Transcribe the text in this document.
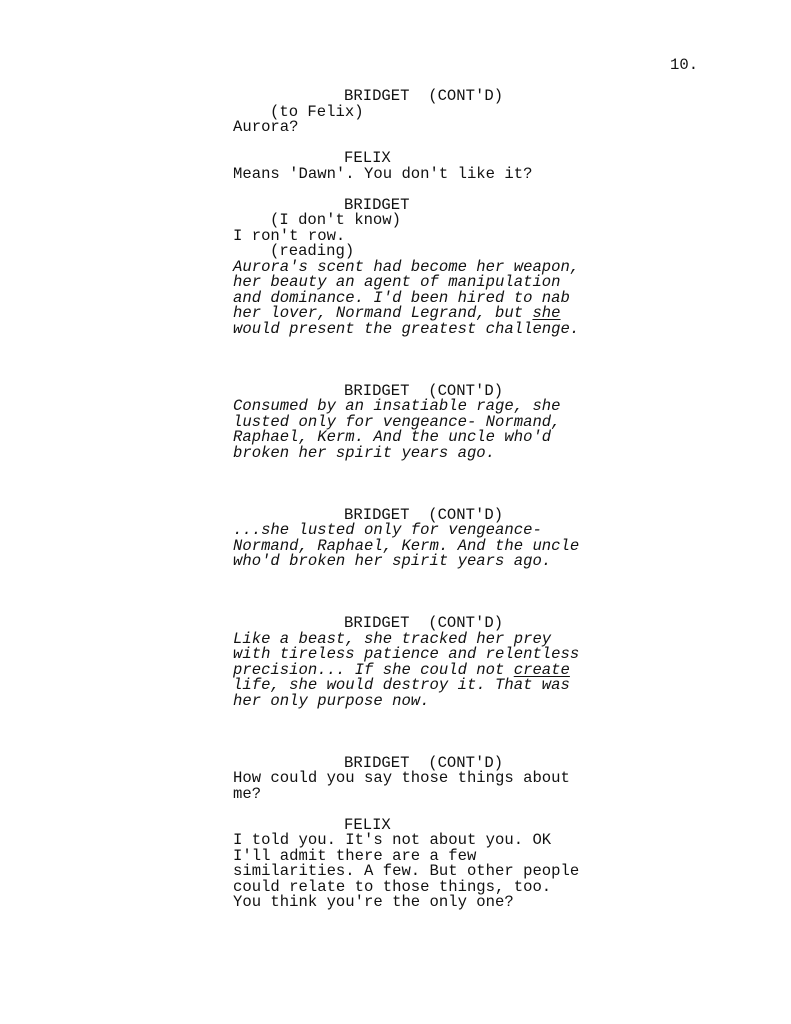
10.
BRIDGET  (CONT'D)
(to Felix)
Aurora?
FELIX
Means 'Dawn'. You don't like it?
BRIDGET
(I don't know)
I ron't row.
(reading)
Aurora's scent had become her weapon,
her beauty an agent of manipulation
and dominance. I'd been hired to nab
her lover, Normand Legrand, but she
would present the greatest challenge.
BRIDGET  (CONT'D)
Consumed by an insatiable rage, she
lusted only for vengeance- Normand,
Raphael, Kerm. And the uncle who'd
broken her spirit years ago.
BRIDGET  (CONT'D)
...she lusted only for vengeance-
Normand, Raphael, Kerm. And the uncle
who'd broken her spirit years ago.
BRIDGET  (CONT'D)
Like a beast, she tracked her prey
with tireless patience and relentless
precision... If she could not create
life, she would destroy it. That was
her only purpose now.
BRIDGET  (CONT'D)
How could you say those things about
me?
FELIX
I told you. It's not about you. OK
I'll admit there are a few
similarities. A few. But other people
could relate to those things, too.
You think you're the only one?
